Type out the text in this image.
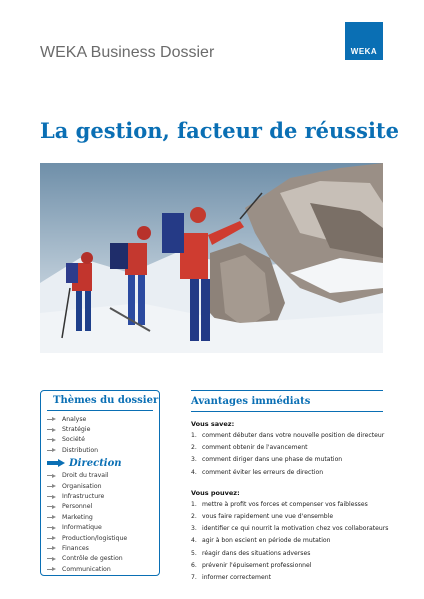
WEKA Business Dossier	WEKA
La gestion, facteur de réussite
Thèmes du dossier
Analyse
Stratégie
Société
Distribution
Direction
Droit du travail
Organisation
Infrastructure
Personnel
Marketing
Informatique
Production/logistique
Finances
Contrôle de gestion
Communication
Avantages immédiats
Vous savez:
1. comment débuter dans votre nouvelle position de directeur
2. comment obtenir de l'avancement
3. comment diriger dans une phase de mutation
4. comment éviter les erreurs de direction
Vous pouvez:
1. mettre à profit vos forces et compenser vos faiblesses
2. vous faire rapidement une vue d'ensemble
3. identifier ce qui nourrit la motivation chez vos collaborateurs
4. agir à bon escient en période de mutation
5. réagir dans des situations adverses
6. prévenir l'épuisement professionnel
7. informer correctement
